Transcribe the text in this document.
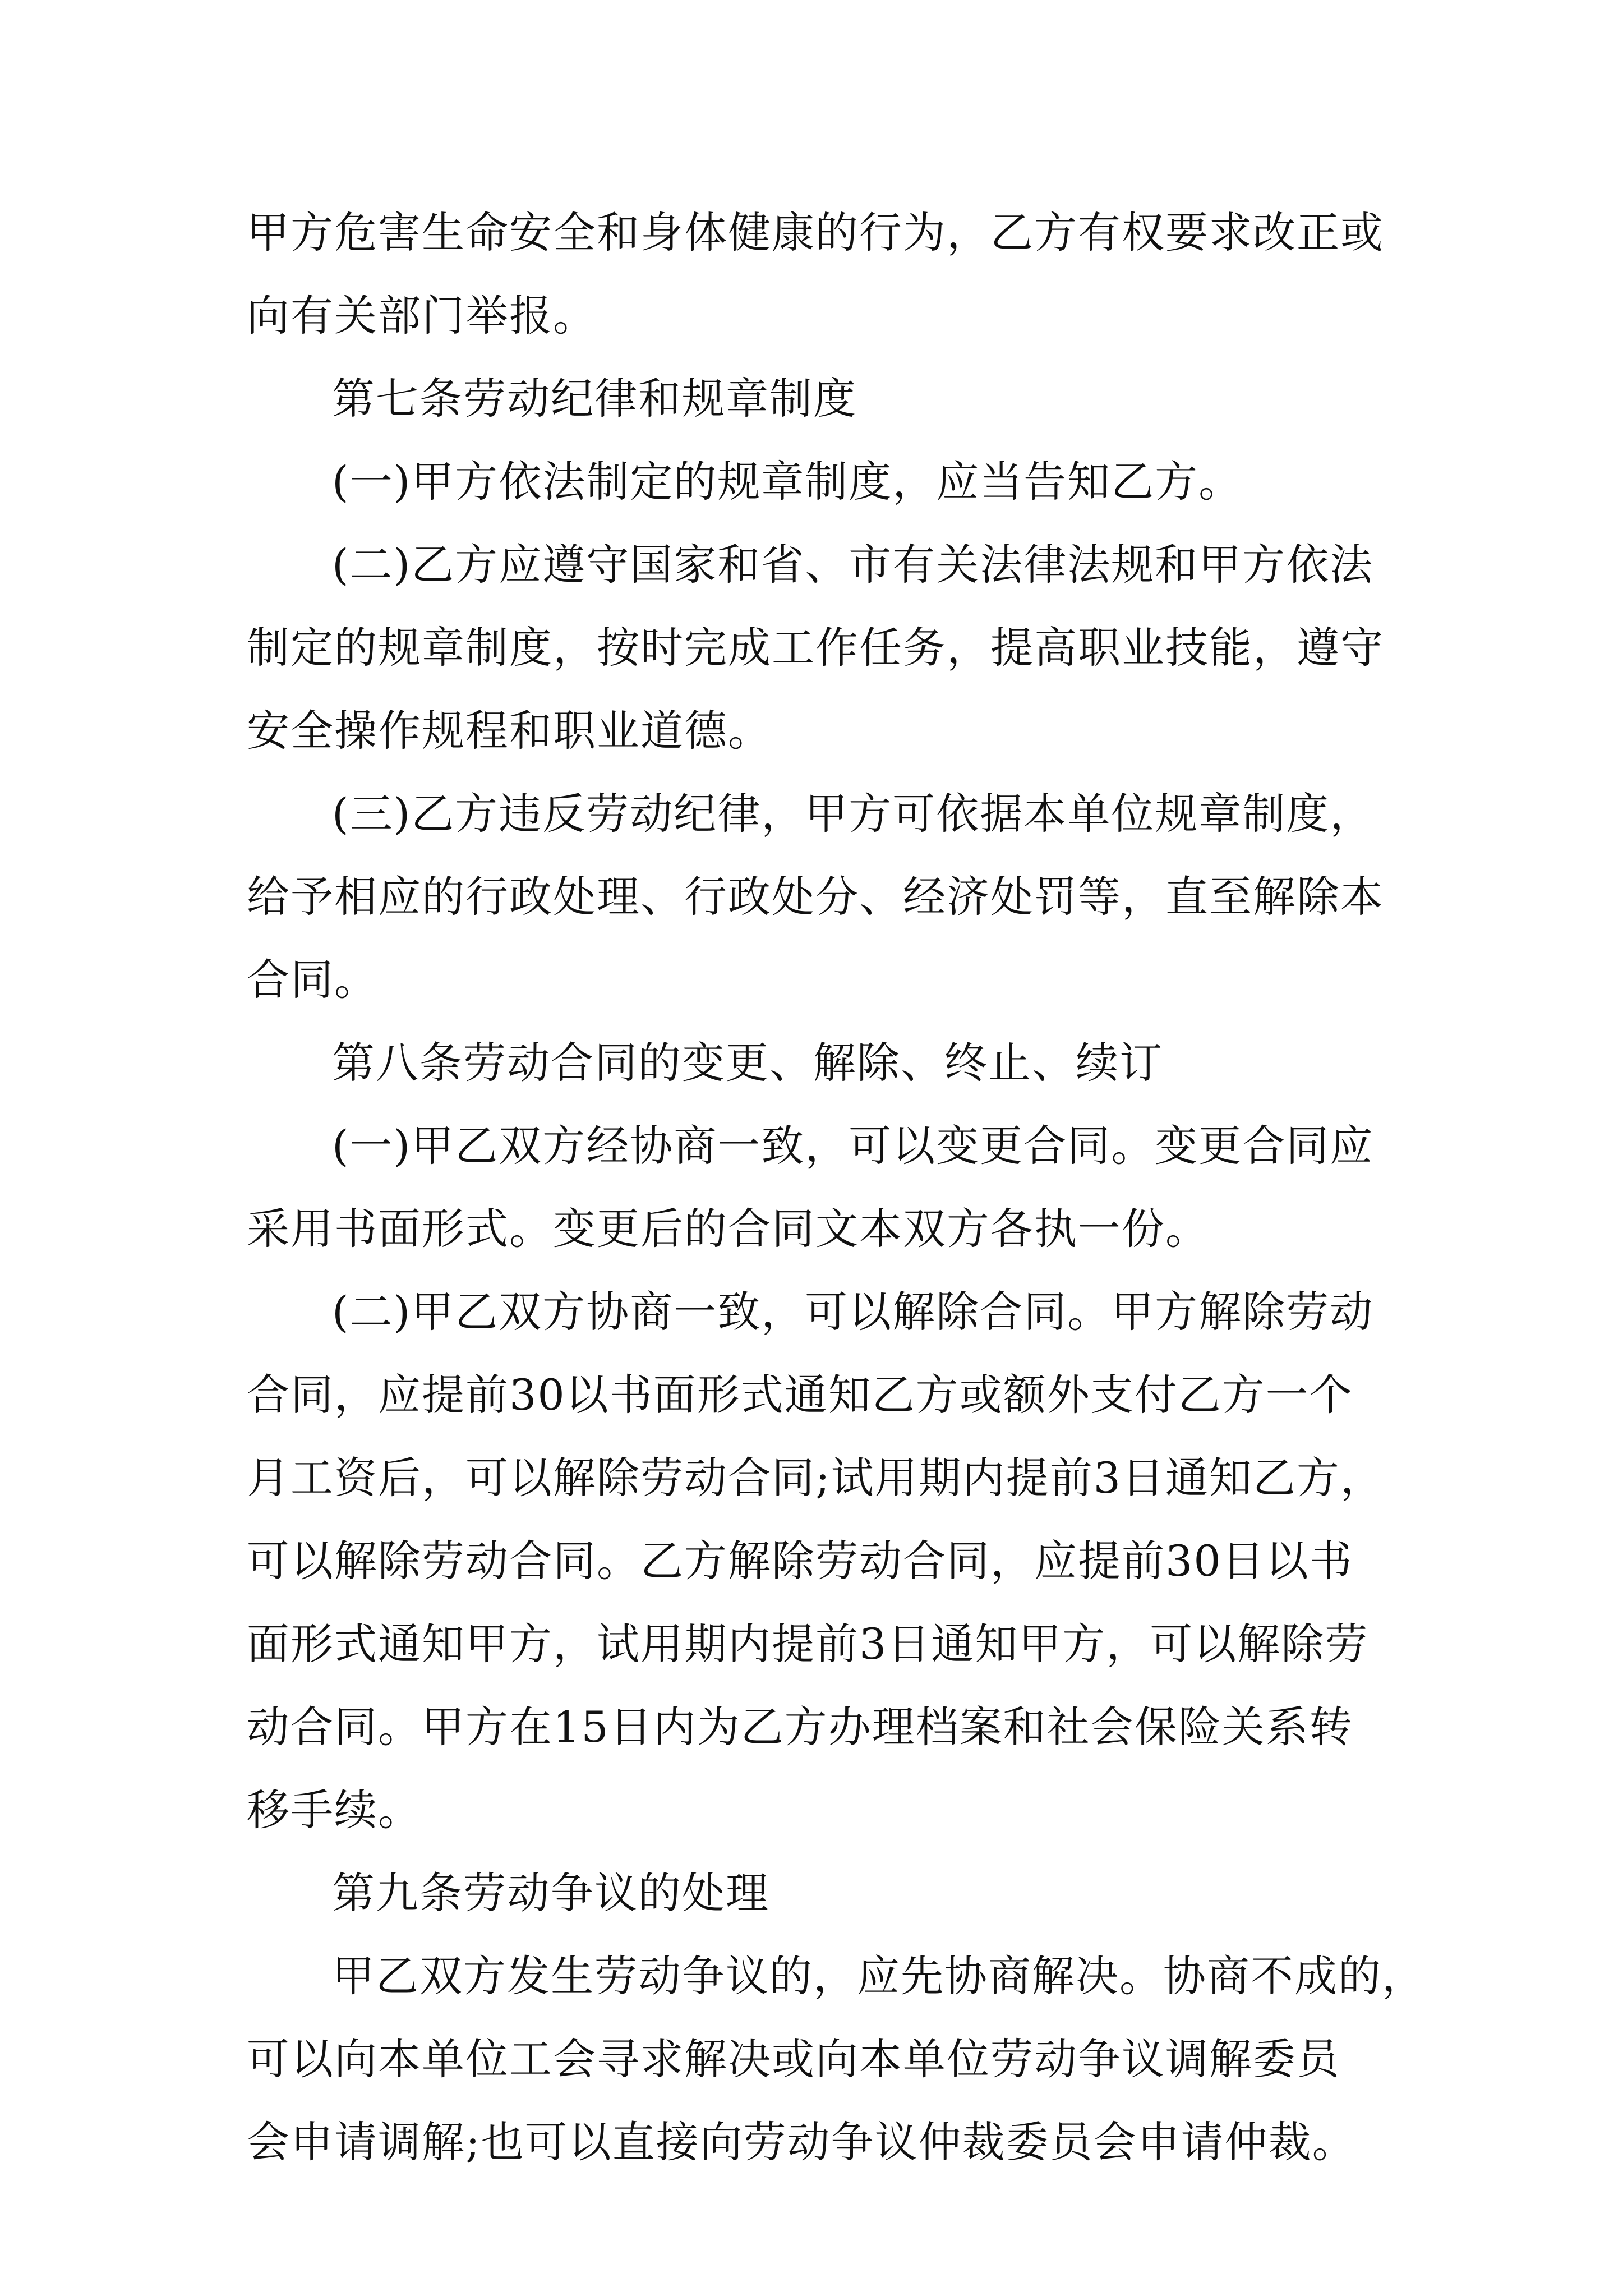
甲方危害生命安全和身体健康的行为，乙方有权要求改正或
向有关部门举报。
第七条劳动纪律和规章制度
(一)甲方依法制定的规章制度，应当告知乙方。
(二)乙方应遵守国家和省、市有关法律法规和甲方依法
制定的规章制度，按时完成工作任务，提高职业技能，遵守
安全操作规程和职业道德。
(三)乙方违反劳动纪律，甲方可依据本单位规章制度，
给予相应的行政处理、行政处分、经济处罚等，直至解除本
合同。
第八条劳动合同的变更、解除、终止、续订
(一)甲乙双方经协商一致，可以变更合同。变更合同应
采用书面形式。变更后的合同文本双方各执一份。
(二)甲乙双方协商一致，可以解除合同。甲方解除劳动
合同，应提前30以书面形式通知乙方或额外支付乙方一个
月工资后，可以解除劳动合同;试用期内提前3日通知乙方，
可以解除劳动合同。乙方解除劳动合同，应提前30日以书
面形式通知甲方，试用期内提前3日通知甲方，可以解除劳
动合同。甲方在15日内为乙方办理档案和社会保险关系转
移手续。
第九条劳动争议的处理
甲乙双方发生劳动争议的，应先协商解决。协商不成的，
可以向本单位工会寻求解决或向本单位劳动争议调解委员
会申请调解;也可以直接向劳动争议仲裁委员会申请仲裁。
